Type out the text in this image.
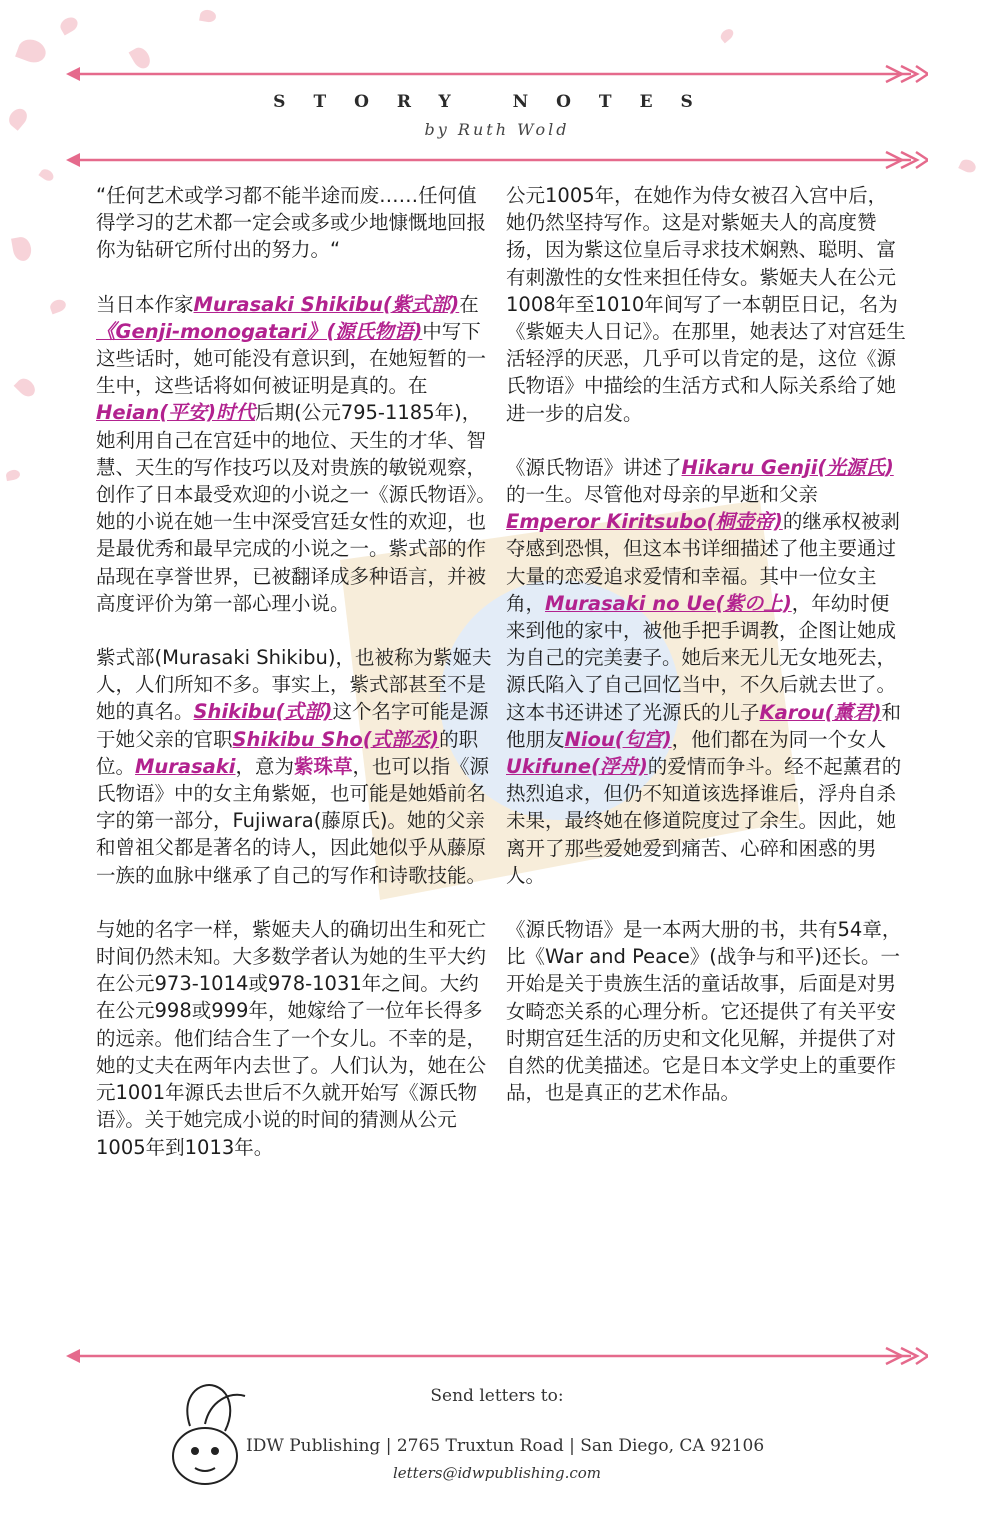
STORY NOTES
by Ruth Wold

“任何艺术或学习都不能半途而废……任何值得学习的艺术都一定会或多或少地慷慨地回报你为钻研它所付出的努力。“

当日本作家Murasaki Shikibu(紫式部)在《Genji-monogatari》(源氏物语)中写下这些话时，她可能没有意识到，在她短暂的一生中，这些话将如何被证明是真的。在Heian(平安)时代后期(公元795-1185年)，她利用自己在宫廷中的地位、天生的才华、智慧、天生的写作技巧以及对贵族的敏锐观察，创作了日本最受欢迎的小说之一《源氏物语》。她的小说在她一生中深受宫廷女性的欢迎，也是最优秀和最早完成的小说之一。紫式部的作品现在享誉世界，已被翻译成多种语言，并被高度评价为第一部心理小说。

紫式部(Murasaki Shikibu)，也被称为紫姬夫人，人们所知不多。事实上，紫式部甚至不是她的真名。Shikibu(式部)这个名字可能是源于她父亲的官职Shikibu Sho(式部丞)的职位。Murasaki，意为紫珠草，也可以指《源氏物语》中的女主角紫姬，也可能是她婚前名字的第一部分，Fujiwara(藤原氏)。她的父亲和曾祖父都是著名的诗人，因此她似乎从藤原一族的血脉中继承了自己的写作和诗歌技能。

与她的名字一样，紫姬夫人的确切出生和死亡时间仍然未知。大多数学者认为她的生平大约在公元973-1014或978-1031年之间。大约在公元998或999年，她嫁给了一位年长得多的远亲。他们结合生了一个女儿。不幸的是，她的丈夫在两年内去世了。人们认为，她在公元1001年源氏去世后不久就开始写《源氏物语》。关于她完成小说的时间的猜测从公元1005年到1013年。

公元1005年，在她作为侍女被召入宫中后，她仍然坚持写作。这是对紫姬夫人的高度赞扬，因为紫这位皇后寻求技术娴熟、聪明、富有刺激性的女性来担任侍女。紫姬夫人在公元1008年至1010年间写了一本朝臣日记，名为《紫姬夫人日记》。在那里，她表达了对宫廷生活轻浮的厌恶，几乎可以肯定的是，这位《源氏物语》中描绘的生活方式和人际关系给了她进一步的启发。

《源氏物语》讲述了Hikaru Genji(光源氏)的一生。尽管他对母亲的早逝和父亲Emperor Kiritsubo(桐壶帝)的继承权被剥夺感到恐惧，但这本书详细描述了他主要通过大量的恋爱追求爱情和幸福。其中一位女主角，Murasaki no Ue(紫の上)，年幼时便来到他的家中，被他手把手调教，企图让她成为自己的完美妻子。她后来无儿无女地死去，源氏陷入了自己回忆当中，不久后就去世了。这本书还讲述了光源氏的儿子Karou(薰君)和他朋友Niou(匂宫)，他们都在为同一个女人Ukifune(浮舟)的爱情而争斗。经不起薰君的热烈追求，但仍不知道该选择谁后，浮舟自杀未果，最终她在修道院度过了余生。因此，她离开了那些爱她爱到痛苦、心碎和困惑的男人。

《源氏物语》是一本两大册的书，共有54章，比《War and Peace》(战争与和平)还长。一开始是关于贵族生活的童话故事，后面是对男女畸恋关系的心理分析。它还提供了有关平安时期宫廷生活的历史和文化见解，并提供了对自然的优美描述。它是日本文学史上的重要作品，也是真正的艺术作品。

Send letters to:
IDW Publishing | 2765 Truxtun Road | San Diego, CA 92106
letters@idwpublishing.com
